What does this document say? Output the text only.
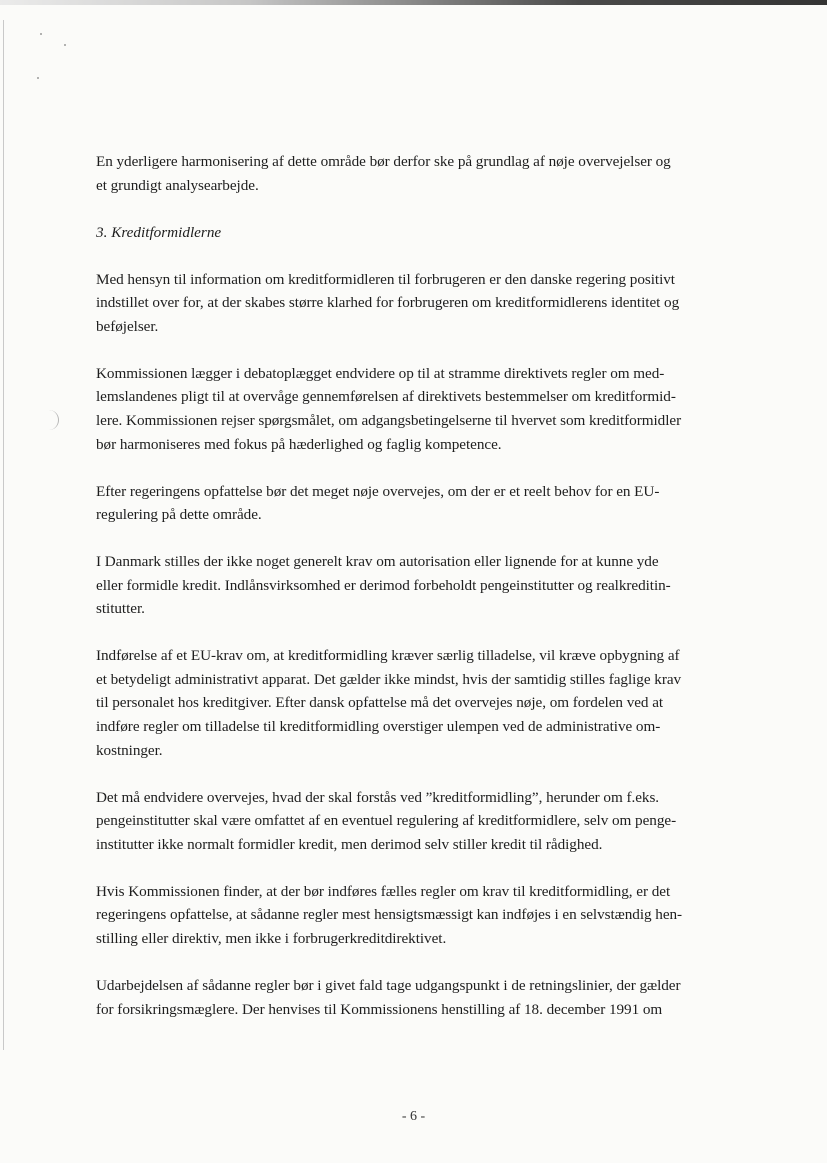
En yderligere harmonisering af dette område bør derfor ske på grundlag af nøje overvejelser og
et grundigt analysearbejde.

3. Kreditformidlerne

Med hensyn til information om kreditformidleren til forbrugeren er den danske regering positivt
indstillet over for, at der skabes større klarhed for forbrugeren om kreditformidlerens identitet og
beføjelser.

Kommissionen lægger i debatoplægget endvidere op til at stramme direktivets regler om med-
lemslandenes pligt til at overvåge gennemførelsen af direktivets bestemmelser om kreditformid-
lere. Kommissionen rejser spørgsmålet, om adgangsbetingelserne til hvervet som kreditformidler
bør harmoniseres med fokus på hæderlighed og faglig kompetence.

Efter regeringens opfattelse bør det meget nøje overvejes, om der er et reelt behov for en EU-
regulering på dette område.

I Danmark stilles der ikke noget generelt krav om autorisation eller lignende for at kunne yde
eller formidle kredit. Indlånsvirksomhed er derimod forbeholdt pengeinstitutter og realkreditin-
stitutter.

Indførelse af et EU-krav om, at kreditformidling kræver særlig tilladelse, vil kræve opbygning af
et betydeligt administrativt apparat. Det gælder ikke mindst, hvis der samtidig stilles faglige krav
til personalet hos kreditgiver. Efter dansk opfattelse må det overvejes nøje, om fordelen ved at
indføre regler om tilladelse til kreditformidling overstiger ulempen ved de administrative om-
kostninger.

Det må endvidere overvejes, hvad der skal forstås ved ”kreditformidling”, herunder om f.eks.
pengeinstitutter skal være omfattet af en eventuel regulering af kreditformidlere, selv om penge-
institutter ikke normalt formidler kredit, men derimod selv stiller kredit til rådighed.

Hvis Kommissionen finder, at der bør indføres fælles regler om krav til kreditformidling, er det
regeringens opfattelse, at sådanne regler mest hensigtsmæssigt kan indføjes i en selvstændig hen-
stilling eller direktiv, men ikke i forbrugerkreditdirektivet.

Udarbejdelsen af sådanne regler bør i givet fald tage udgangspunkt i de retningslinier, der gælder
for forsikringsmæglere. Der henvises til Kommissionens henstilling af 18. december 1991 om

- 6 -
